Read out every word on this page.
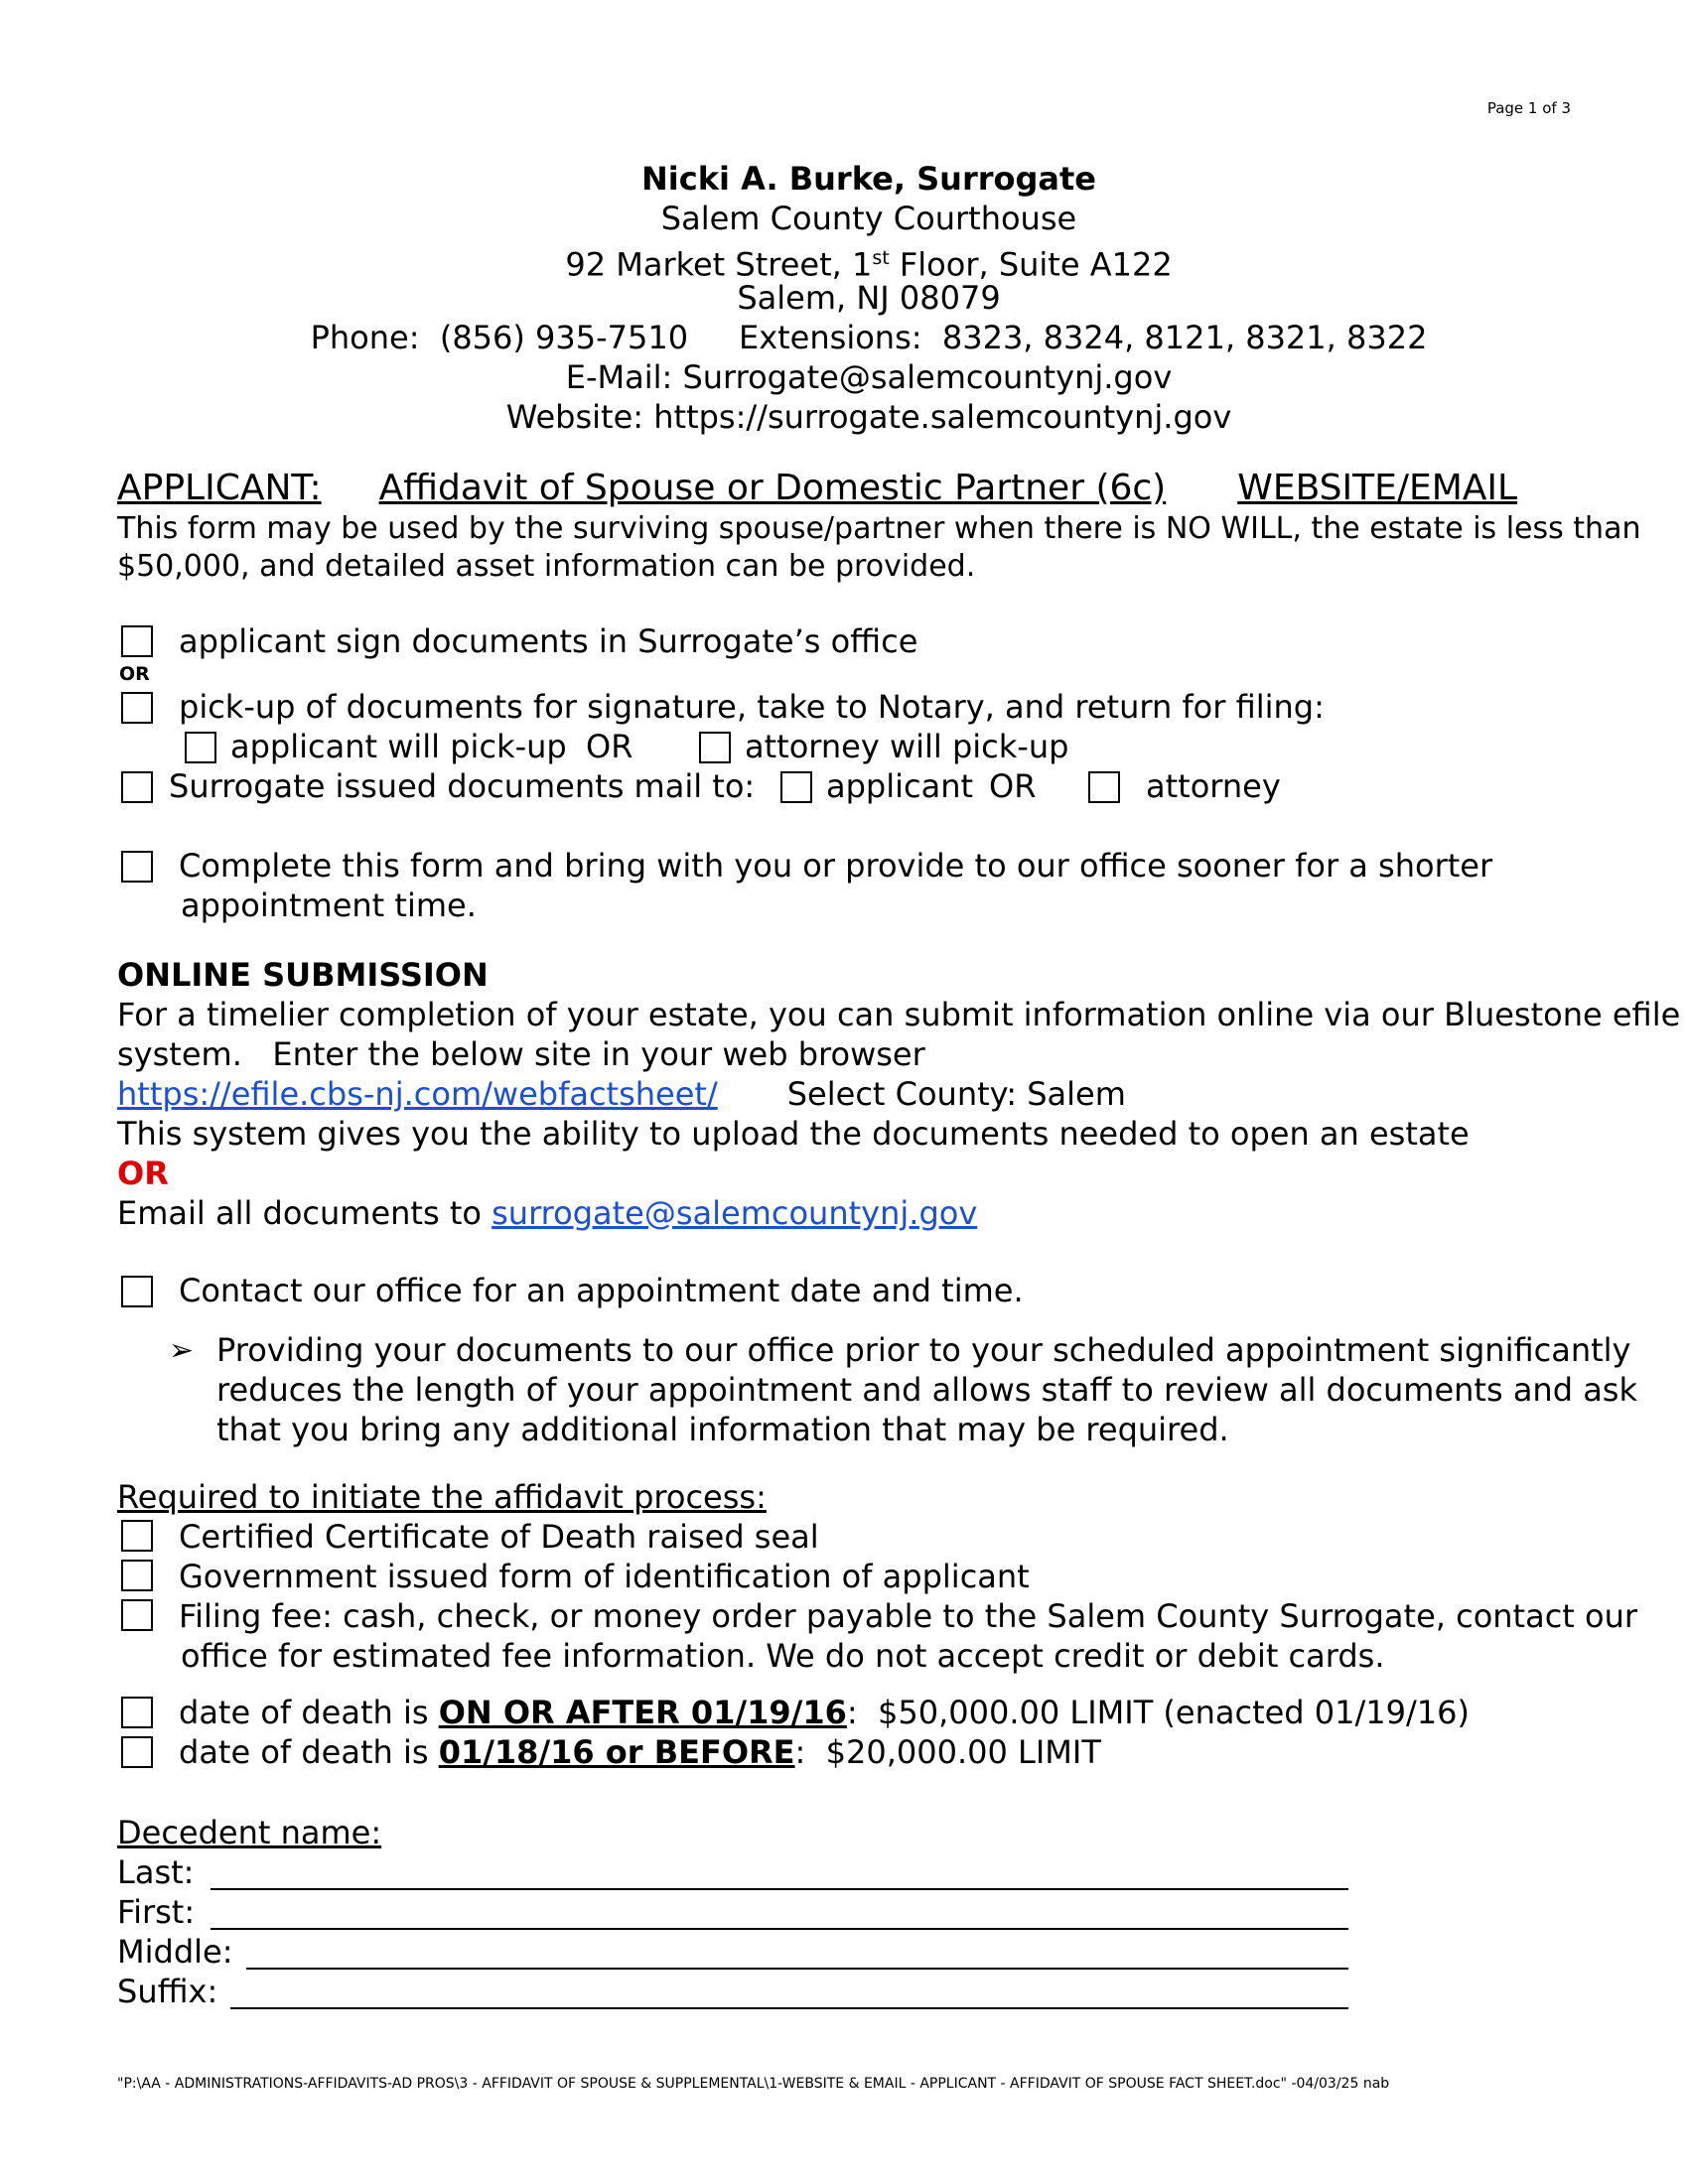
Page 1 of 3
Nicki A. Burke, Surrogate
Salem County Courthouse
92 Market Street, 1st Floor, Suite A122
Salem, NJ 08079
Phone:  (856) 935-7510     Extensions:  8323, 8324, 8121, 8321, 8322
E-Mail: Surrogate@salemcountynj.gov
Website: https://surrogate.salemcountynj.gov
APPLICANT: Affidavit of Spouse or Domestic Partner (6c) WEBSITE/EMAIL
This form may be used by the surviving spouse/partner when there is NO WILL, the estate is less than
$50,000, and detailed asset information can be provided.
applicant sign documents in Surrogate’s office
OR
pick-up of documents for signature, take to Notary, and return for filing:
applicant will pick-up OR	attorney will pick-up
Surrogate issued documents mail to: applicant OR	attorney
Complete this form and bring with you or provide to our office sooner for a shorter
appointment time.
ONLINE SUBMISSION
For a timelier completion of your estate, you can submit information online via our Bluestone efile
system.   Enter the below site in your web browser
https://efile.cbs-nj.com/webfactsheet/ Select County: Salem
This system gives you the ability to upload the documents needed to open an estate
OR
Email all documents to surrogate@salemcountynj.gov
Contact our office for an appointment date and time.
➢ Providing your documents to our office prior to your scheduled appointment significantly
reduces the length of your appointment and allows staff to review all documents and ask
that you bring any additional information that may be required.
Required to initiate the affidavit process:
Certified Certificate of Death raised seal
Government issued form of identification of applicant
Filing fee: cash, check, or money order payable to the Salem County Surrogate, contact our
office for estimated fee information. We do not accept credit or debit cards.
date of death is ON OR AFTER 01/19/16:  $50,000.00 LIMIT (enacted 01/19/16)
date of death is 01/18/16 or BEFORE:  $20,000.00 LIMIT
Decedent name:
Last:
First:
Middle:
Suffix:
"P:\AA - ADMINISTRATIONS-AFFIDAVITS-AD PROS\3 - AFFIDAVIT OF SPOUSE & SUPPLEMENTAL\1-WEBSITE & EMAIL - APPLICANT - AFFIDAVIT OF SPOUSE FACT SHEET.doc" -04/03/25 nab
